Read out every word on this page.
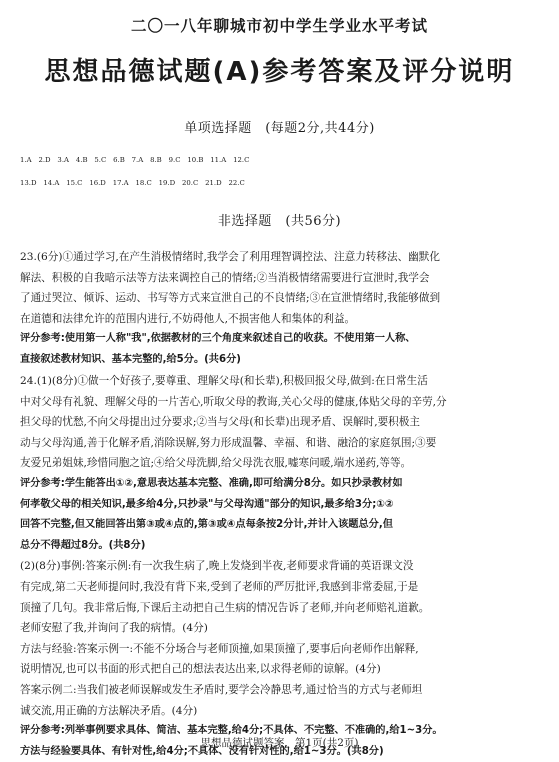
二〇一八年聊城市初中学生学业水平考试
思想品德试题(A)参考答案及评分说明
单项选择题　(每题2分,共44分)
1.A　2.D　3.A　4.B　5.C　6.B　7.A　8.B　9.C　10.B　11.A　12.C
13.D　14.A　15.C　16.D　17.A　18.C　19.D　20.C　21.D　22.C
非选择题　(共56分)
23.(6分)①通过学习,在产生消极情绪时,我学会了利用理智调控法、注意力转移法、幽默化
解法、积极的自我暗示法等方法来调控自己的情绪;②当消极情绪需要进行宣泄时,我学会
了通过哭泣、倾诉、运动、书写等方式来宣泄自己的不良情绪;③在宣泄情绪时,我能够做到
在道德和法律允许的范围内进行,不妨碍他人,不损害他人和集体的利益。
评分参考:使用第一人称"我",依据教材的三个角度来叙述自己的收获。不使用第一人称、
直接叙述教材知识、基本完整的,给5分。(共6分)
24.(1)(8分)①做一个好孩子,要尊重、理解父母(和长辈),积极回报父母,做到:在日常生活
中对父母有礼貌、理解父母的一片苦心,听取父母的教诲,关心父母的健康,体贴父母的辛劳,分
担父母的忧愁,不向父母提出过分要求;②当与父母(和长辈)出现矛盾、误解时,要积极主
动与父母沟通,善于化解矛盾,消除误解,努力形成温馨、幸福、和谐、融洽的家庭氛围;③要
友爱兄弟姐妹,珍惜同胞之谊;④给父母洗脚,给父母洗衣服,嘘寒问暖,端水递药,等等。
评分参考:学生能答出①②,意思表达基本完整、准确,即可给满分8分。如只抄录教材如
何孝敬父母的相关知识,最多给4分,只抄录"与父母沟通"部分的知识,最多给3分;①②
回答不完整,但又能回答出第③或④点的,第③或④点每条按2分计,并计入该题总分,但
总分不得超过8分。(共8分)
(2)(8分)事例:答案示例:有一次我生病了,晚上发烧到半夜,老师要求背诵的英语课文没
有完成,第二天老师提问时,我没有背下来,受到了老师的严厉批评,我感到非常委屈,于是
顶撞了几句。我非常后悔,下课后主动把自己生病的情况告诉了老师,并向老师赔礼道歉。
老师安慰了我,并询问了我的病情。(4分)
方法与经验:答案示例一:不能不分场合与老师顶撞,如果顶撞了,要事后向老师作出解释,
说明情况,也可以书面的形式把自己的想法表达出来,以求得老师的谅解。(4分)
答案示例二:当我们被老师误解或发生矛盾时,要学会冷静思考,通过恰当的方式与老师坦
诚交流,用正确的方法解决矛盾。(4分)
评分参考:列举事例要求具体、简洁、基本完整,给4分;不具体、不完整、不准确的,给1~3分。
方法与经验要具体、有针对性,给4分;不具体、没有针对性的,给1~3分。(共8分)
思想品德试题答案　第1页(共2页)
